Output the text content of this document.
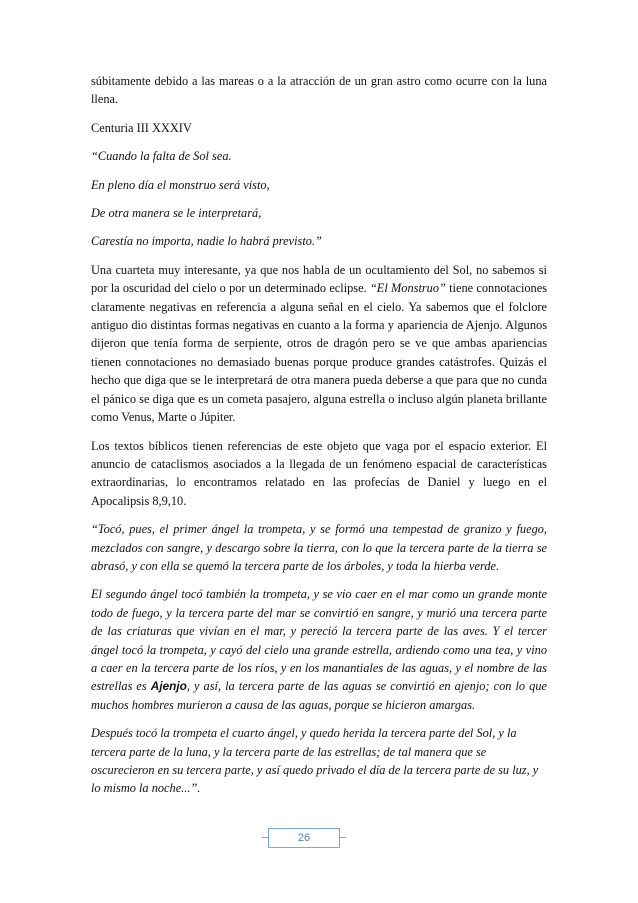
súbitamente debido a las mareas o a la atracción de un gran astro como ocurre con la luna llena.

Centuria III XXXIV

“Cuando la falta de Sol sea.

En pleno día el monstruo será visto,

De otra manera se le interpretará,

Carestía no importa, nadie lo habrá previsto.”

Una cuarteta muy interesante, ya que nos habla de un ocultamiento del Sol, no sabemos si por la oscuridad del cielo o por un determinado eclipse. “El Monstruo” tiene connotaciones claramente negativas en referencia a alguna señal en el cielo. Ya sabemos que el folclore antiguo dio distintas formas negativas en cuanto a la forma y apariencia de Ajenjo. Algunos dijeron que tenía forma de serpiente, otros de dragón pero se ve que ambas apariencias tienen connotaciones no demasiado buenas porque produce grandes catástrofes. Quizás el hecho que diga que se le interpretará de otra manera pueda deberse a que para que no cunda el pánico se diga que es un cometa pasajero, alguna estrella o incluso algún planeta brillante como Venus, Marte o Júpiter.

Los textos bíblicos tienen referencias de este objeto que vaga por el espacio exterior. El anuncio de cataclismos asociados a la llegada de un fenómeno espacial de características extraordinarias, lo encontramos relatado en las profecías de Daniel y luego en el Apocalipsis 8,9,10.

“Tocó, pues, el primer ángel la trompeta, y se formó una tempestad de granizo y fuego, mezclados con sangre, y descargo sobre la tierra, con lo que la tercera parte de la tierra se abrasó, y con ella se quemó la tercera parte de los árboles, y toda la hierba verde.

El segundo ángel tocó también la trompeta, y se vio caer en el mar como un grande monte todo de fuego, y la tercera parte del mar se convirtió en sangre, y murió una tercera parte de las criaturas que vivían en el mar, y pereció la tercera parte de las aves. Y el tercer ángel tocó la trompeta, y cayó del cielo una grande estrella, ardiendo como una tea, y vino a caer en la tercera parte de los ríos, y en los manantiales de las aguas, y el nombre de las estrellas es Ajenjo, y así, la tercera parte de las aguas se convirtió en ajenjo; con lo que muchos hombres murieron a causa de las aguas, porque se hicieron amargas.

Después tocó la trompeta el cuarto ángel, y quedo herida la tercera parte del Sol, y la tercera parte de la luna, y la tercera parte de las estrellas; de tal manera que se oscurecieron en su tercera parte, y así quedo privado el día de la tercera parte de su luz, y lo mismo la noche...”.

26
